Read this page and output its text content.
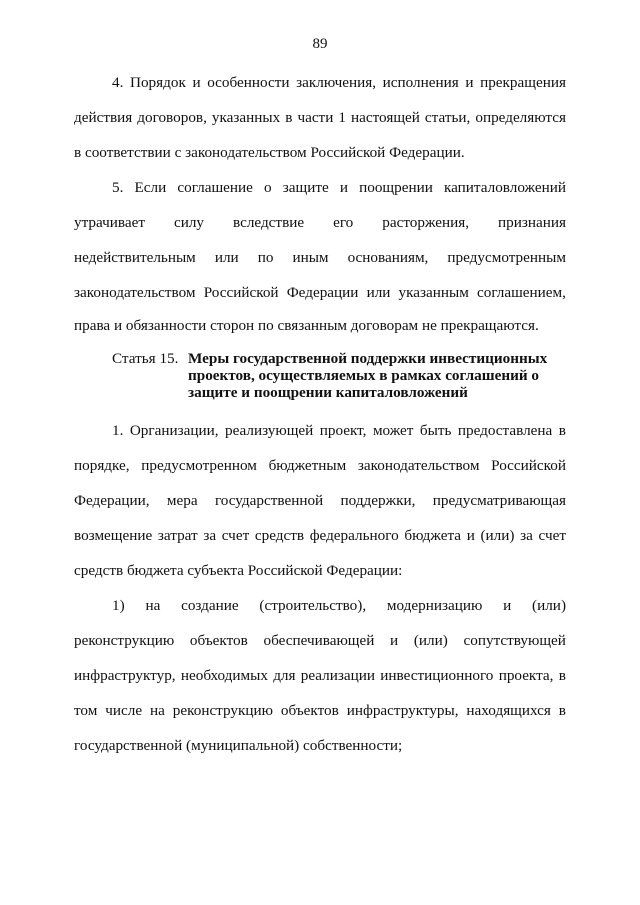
89
4. Порядок и особенности заключения, исполнения и прекращения
действия договоров, указанных в части 1 настоящей статьи, определяются
в соответствии с законодательством Российской Федерации.
5. Если соглашение о защите и поощрении капиталовложений
утрачивает силу вследствие его расторжения, признания
недействительным или по иным основаниям, предусмотренным
законодательством Российской Федерации или указанным соглашением,
права и обязанности сторон по связанным договорам не прекращаются.
Статья 15. Меры государственной поддержки инвестиционных
проектов, осуществляемых в рамках соглашений о
защите и поощрении капиталовложений
1. Организации, реализующей проект, может быть предоставлена в
порядке, предусмотренном бюджетным законодательством Российской
Федерации, мера государственной поддержки, предусматривающая
возмещение затрат за счет средств федерального бюджета и (или) за счет
средств бюджета субъекта Российской Федерации:
1) на создание (строительство), модернизацию и (или)
реконструкцию объектов обеспечивающей и (или) сопутствующей
инфраструктур, необходимых для реализации инвестиционного проекта, в
том числе на реконструкцию объектов инфраструктуры, находящихся в
государственной (муниципальной) собственности;
